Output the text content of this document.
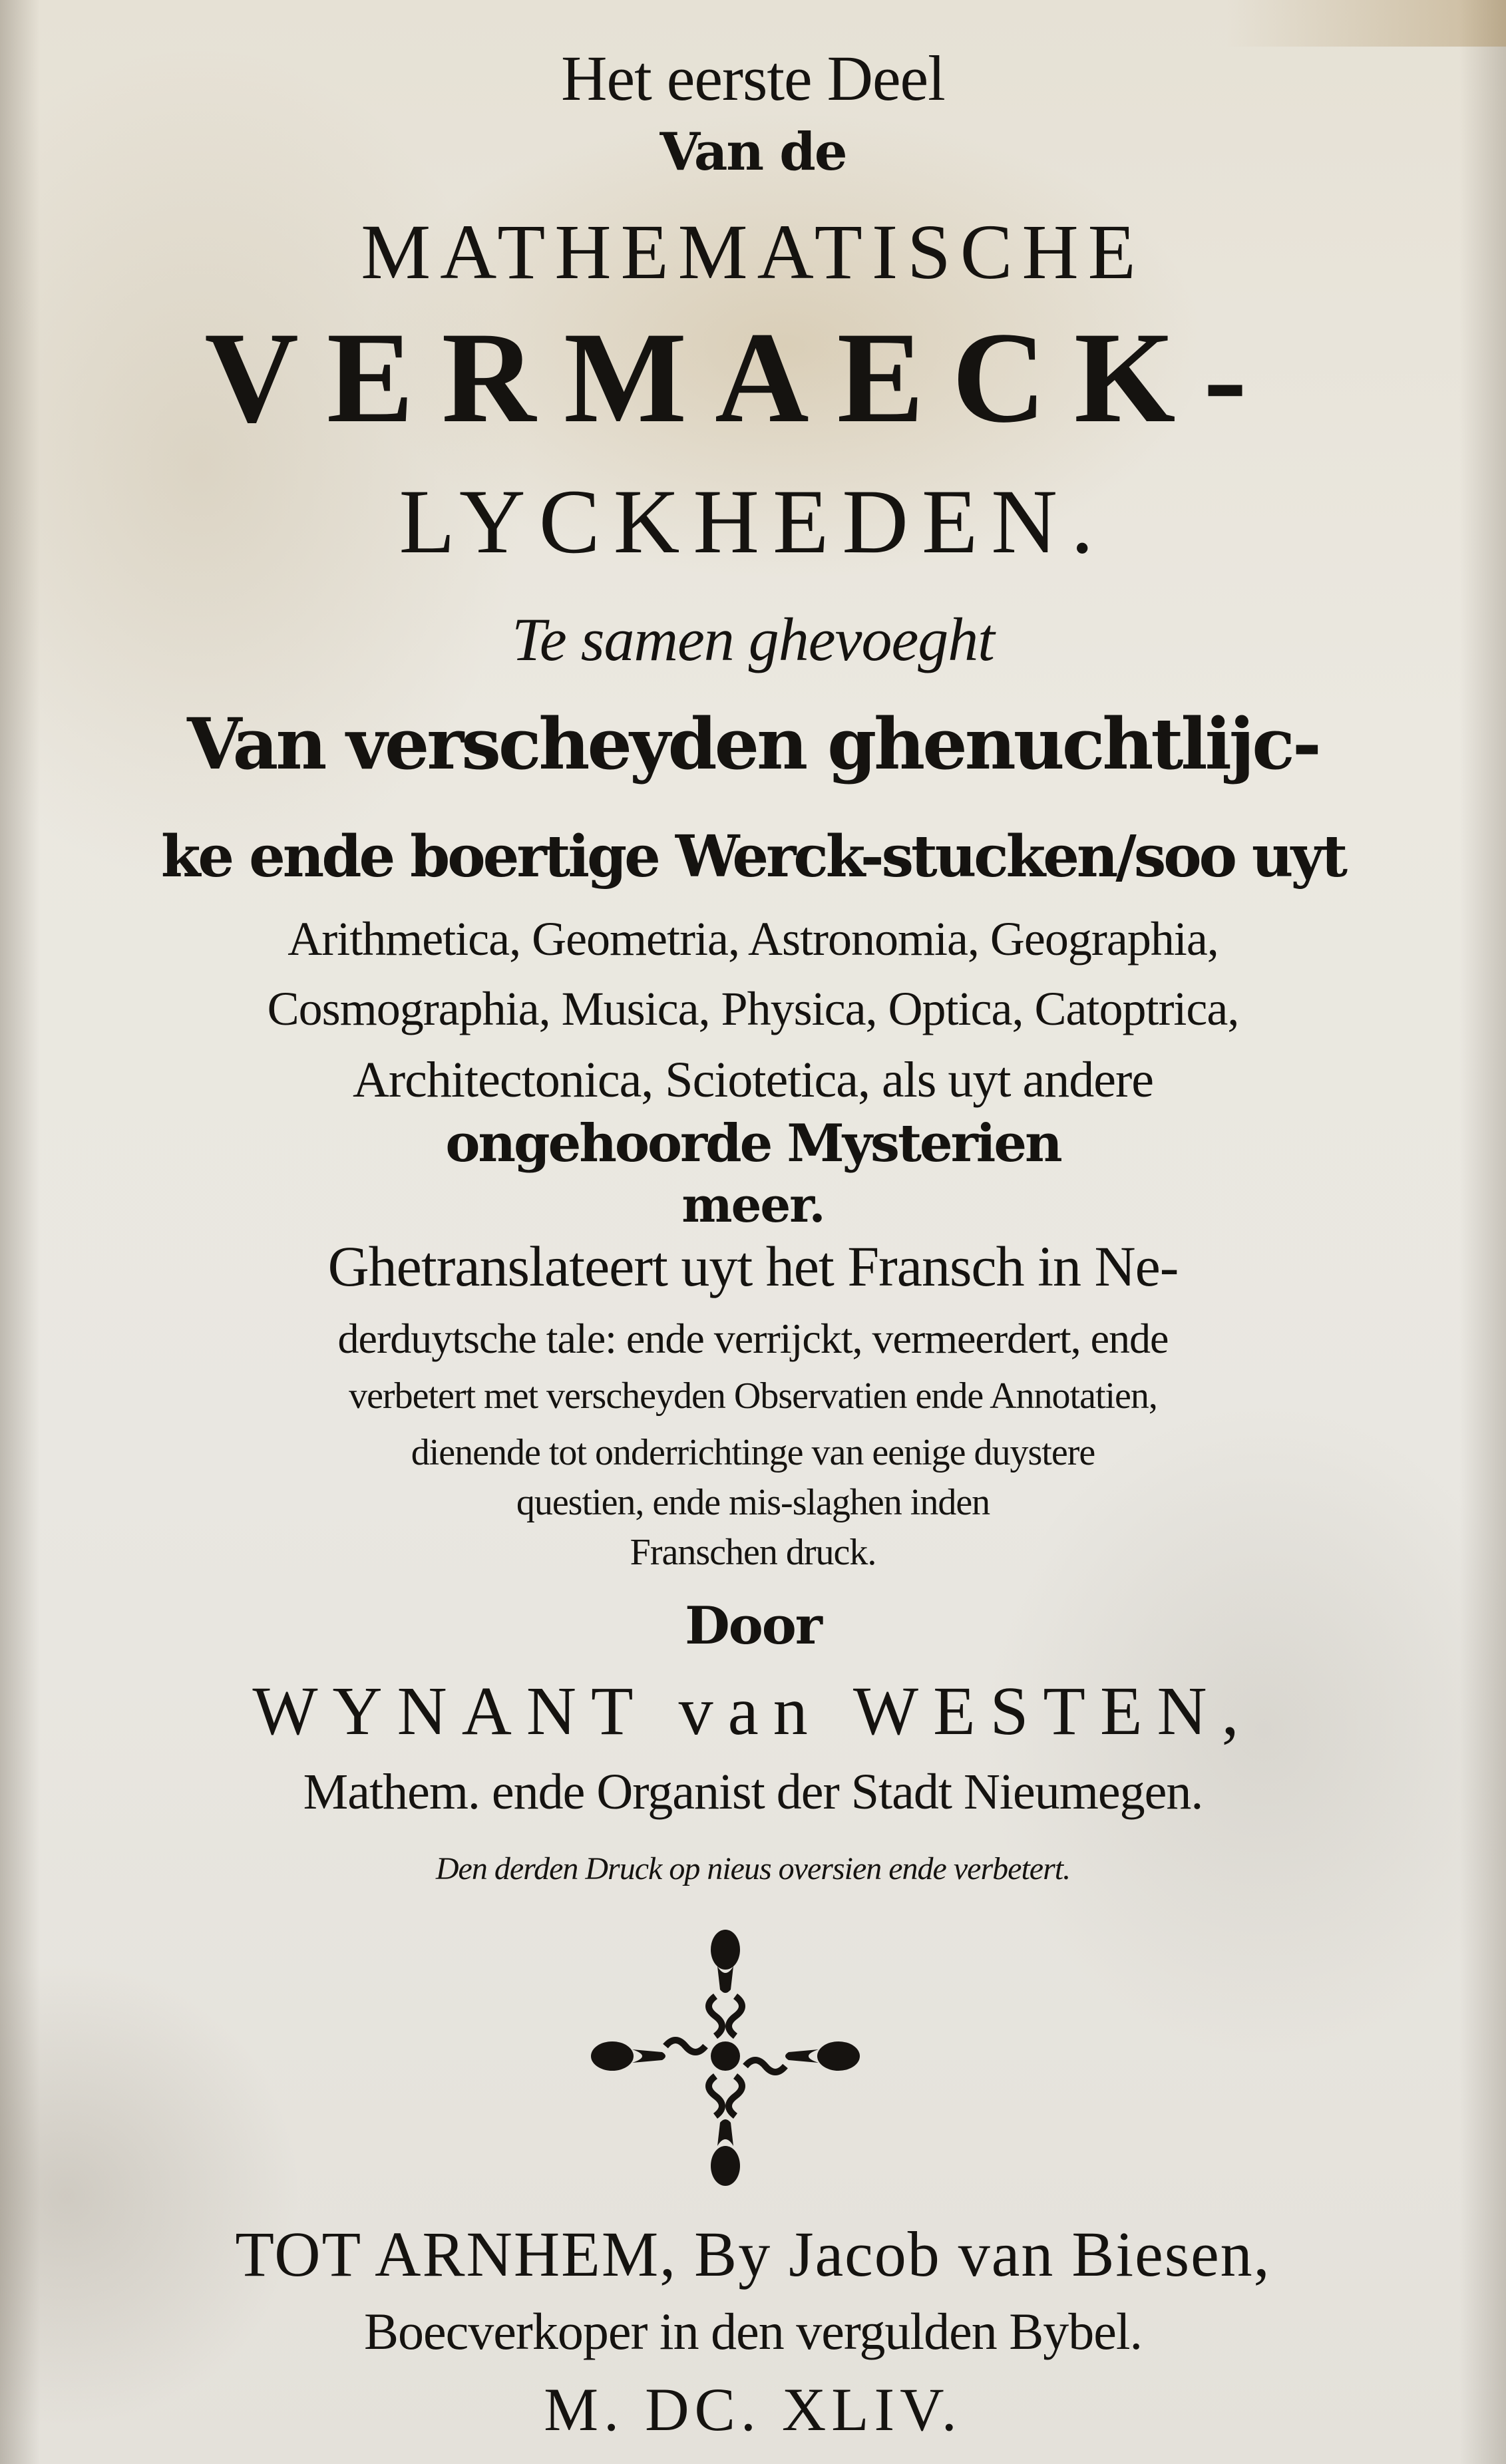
Het eerste Deel
Van de
MATHEMATISCHE
VERMAECK-
LYCKHEDEN.
Te samen ghevoeght
Van verscheyden ghenuchtlijc-
ke ende boertige Werck-stucken/soo uyt
Arithmetica, Geometria, Astronomia, Geographia,
Cosmographia, Musica, Physica, Optica, Catoptrica,
Architectonica, Sciotetica, als uyt andere
ongehoorde Mysterien
meer.
Ghetranslateert uyt het Fransch in Ne-
derduytsche tale: ende verrijckt, vermeerdert, ende
verbetert met verscheyden Observatien ende Annotatien,
dienende tot onderrichtinge van eenige duystere
questien, ende mis-slaghen inden
Franschen druck.
Door
WYNANT van WESTEN,
Mathem. ende Organist der Stadt Nieumegen.
Den derden Druck op nieus oversien ende verbetert.
TOT ARNHEM, By Jacob van Biesen,
Boecverkoper in den vergulden Bybel.
M. DC. XLIV.
